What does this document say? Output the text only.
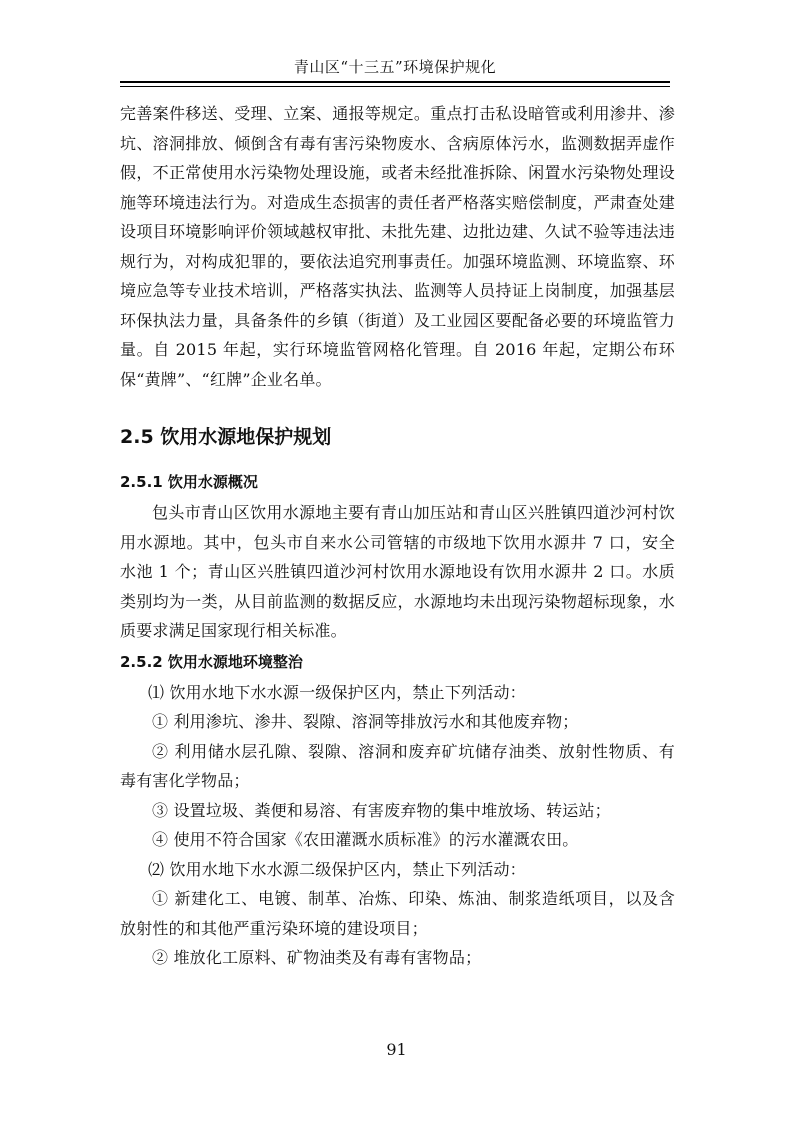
青山区“十三五”环境保护规化

完善案件移送、受理、立案、通报等规定。重点打击私设暗管或利用渗井、渗坑、溶洞排放、倾倒含有毒有害污染物废水、含病原体污水，监测数据弄虚作假，不正常使用水污染物处理设施，或者未经批准拆除、闲置水污染物处理设施等环境违法行为。对造成生态损害的责任者严格落实赔偿制度，严肃查处建设项目环境影响评价领域越权审批、未批先建、边批边建、久试不验等违法违规行为，对构成犯罪的，要依法追究刑事责任。加强环境监测、环境监察、环境应急等专业技术培训，严格落实执法、监测等人员持证上岗制度，加强基层环保执法力量，具备条件的乡镇（街道）及工业园区要配备必要的环境监管力量。自 2015 年起，实行环境监管网格化管理。自 2016 年起，定期公布环保“黄牌”、“红牌”企业名单。

2.5 饮用水源地保护规划
2.5.1 饮用水源概况

包头市青山区饮用水源地主要有青山加压站和青山区兴胜镇四道沙河村饮用水源地。其中，包头市自来水公司管辖的市级地下饮用水源井 7 口，安全水池 1 个；青山区兴胜镇四道沙河村饮用水源地设有饮用水源井 2 口。水质类别均为一类，从目前监测的数据反应，水源地均未出现污染物超标现象，水质要求满足国家现行相关标准。

2.5.2 饮用水源地环境整治

⑴ 饮用水地下水水源一级保护区内，禁止下列活动：

① 利用渗坑、渗井、裂隙、溶洞等排放污水和其他废弃物；

② 利用储水层孔隙、裂隙、溶洞和废弃矿坑储存油类、放射性物质、有毒有害化学物品；

③ 设置垃圾、粪便和易溶、有害废弃物的集中堆放场、转运站；

④ 使用不符合国家《农田灌溉水质标准》的污水灌溉农田。

⑵ 饮用水地下水水源二级保护区内，禁止下列活动：

① 新建化工、电镀、制革、冶炼、印染、炼油、制浆造纸项目，以及含放射性的和其他严重污染环境的建设项目；

② 堆放化工原料、矿物油类及有毒有害物品；

91
